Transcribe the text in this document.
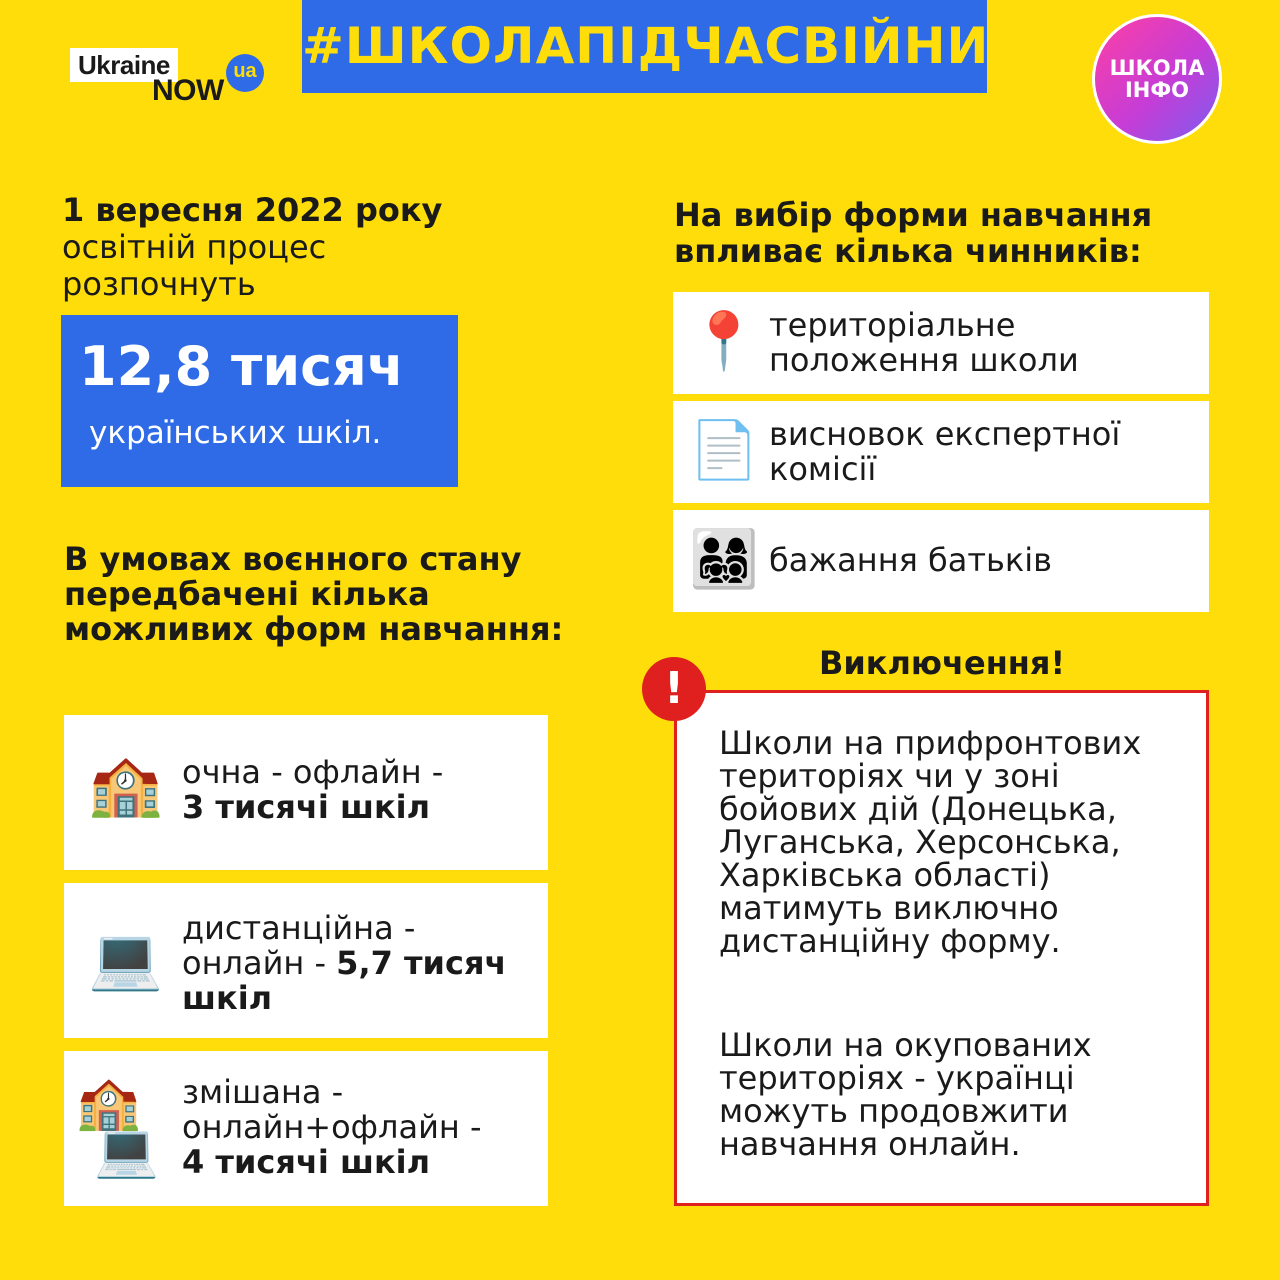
Ukraine
NOW
ua #ШКОЛАПІДЧАСВІЙНИ	ШКОЛА
ІНФО
1 вересня 2022 року
освітній процес
розпочнуть
12,8 тисяч
українських шкіл.
В умовах воєнного стану передбачені кілька можливих форм навчання:
🏫 очна - офлайн -
3 тисячі шкіл
💻 дистанційна - онлайн - 5,7 тисяч шкіл
🏫
💻
змішана - онлайн+офлайн -
4 тисячі шкіл
На вибір форми навчання впливає кілька чинників:
📍 територіальне положення школи
📄 висновок експертної комісії
👨‍👩‍👧‍👦 бажання батьків
Виключення!
Школи на прифронтових територіях чи у зоні бойових дій (Донецька, Луганська, Херсонська, Харківська області) матимуть виключно дистанційну форму.
Школи на окупованих територіях - українці можуть продовжити навчання онлайн.
!
